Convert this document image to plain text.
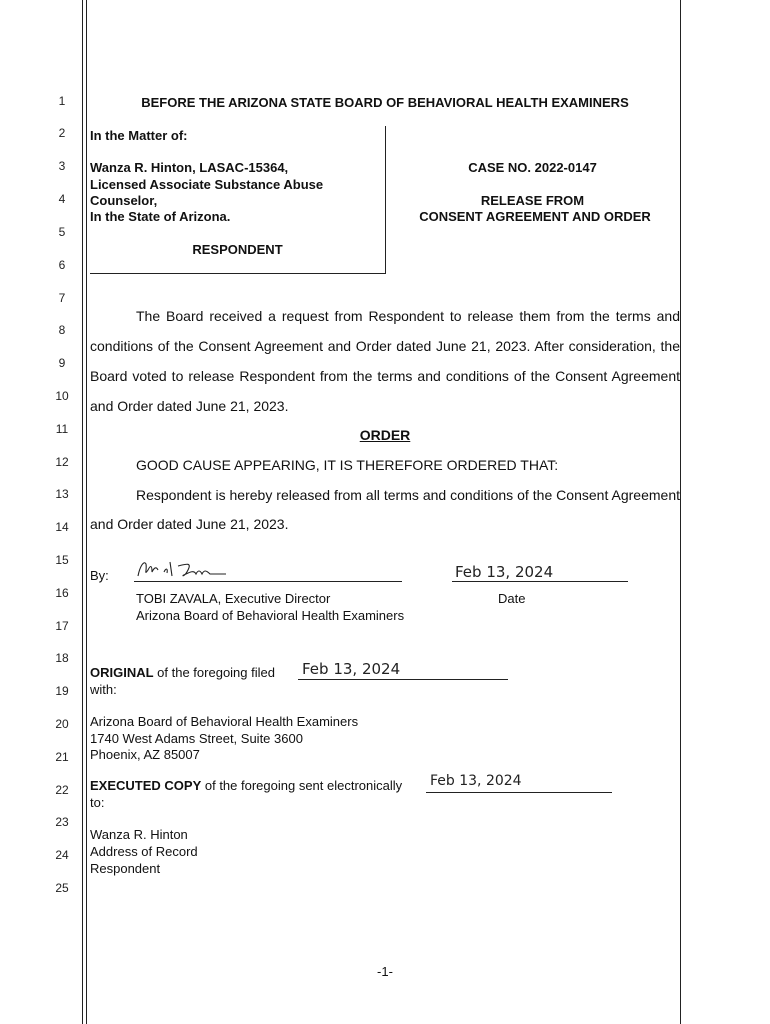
1
2
3
4
5
6
7
8
9
10
11
12
13
14
15
16
17
18
19
20
21
22
23
24
25
BEFORE THE ARIZONA STATE BOARD OF BEHAVIORAL HEALTH EXAMINERS
In the Matter of:
Wanza R. Hinton, LASAC-15364,
Licensed Associate Substance Abuse
Counselor,
In the State of Arizona.
RESPONDENT
CASE NO. 2022-0147
RELEASE FROM
CONSENT AGREEMENT AND ORDER
The Board received a request from Respondent to release them from the terms and
conditions of the Consent Agreement and Order dated June 21, 2023. After consideration, the
Board voted to release Respondent from the terms and conditions of the Consent Agreement
and Order dated June 21, 2023.
ORDER
GOOD CAUSE APPEARING, IT IS THEREFORE ORDERED THAT:
Respondent is hereby released from all terms and conditions of the Consent Agreement
and Order dated June 21, 2023.
By:	Feb 13, 2024
TOBI ZAVALA, Executive Director
Arizona Board of Behavioral Health Examiners
Date
ORIGINAL of the foregoing filed Feb 13, 2024
with:
Arizona Board of Behavioral Health Examiners
1740 West Adams Street, Suite 3600
Phoenix, AZ 85007
EXECUTED COPY of the foregoing sent electronically Feb 13, 2024
to:
Wanza R. Hinton
Address of Record
Respondent
-1-
